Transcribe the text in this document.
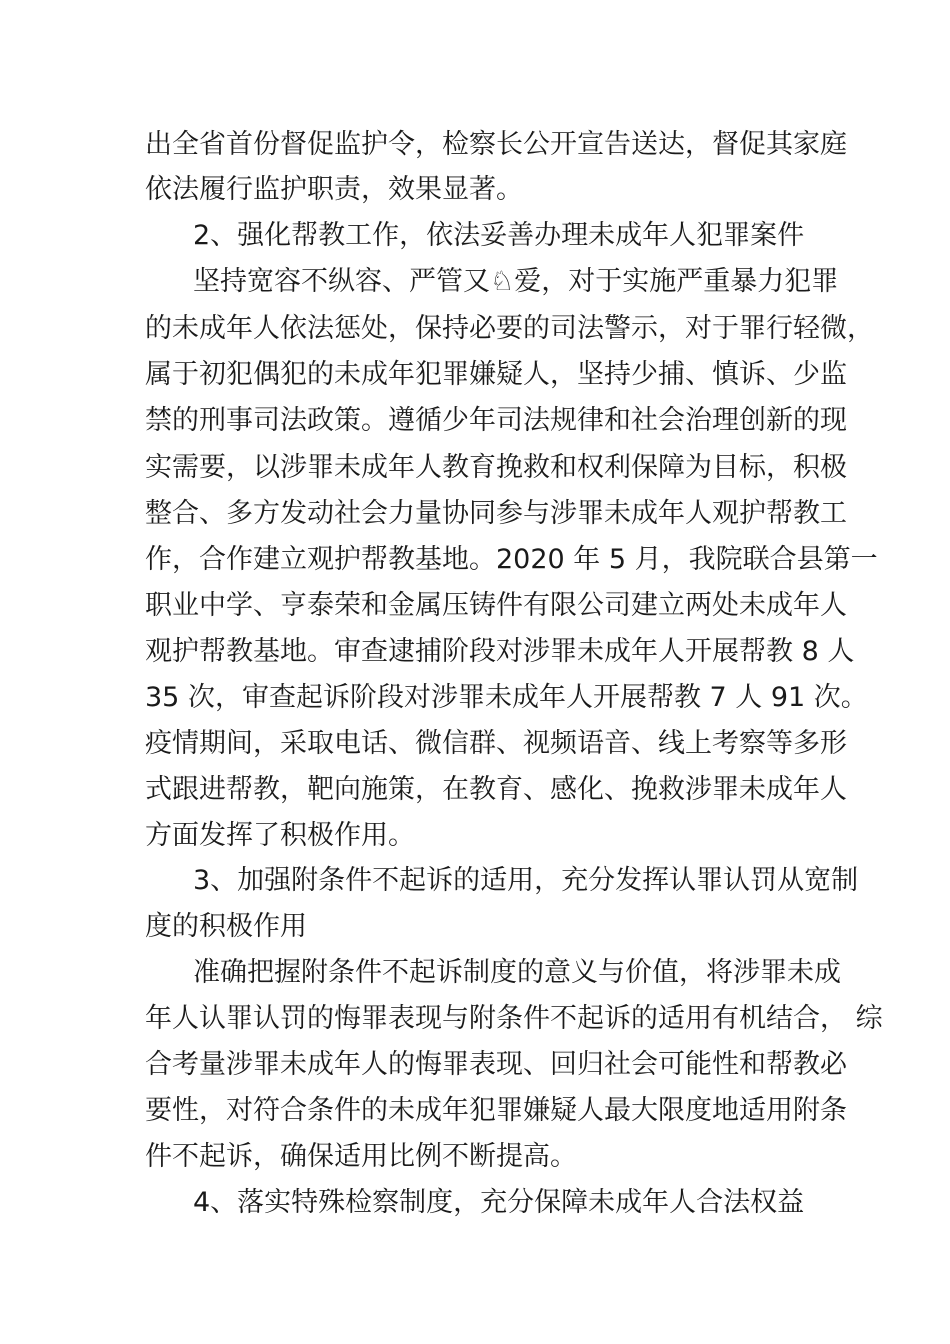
出全省首份督促监护令，检察长公开宣告送达，督促其家庭
依法履行监护职责，效果显著。
2、强化帮教工作，依法妥善办理未成年人犯罪案件
坚持宽容不纵容、严管又♘爱，对于实施严重暴力犯罪
的未成年人依法惩处，保持必要的司法警示，对于罪行轻微，
属于初犯偶犯的未成年犯罪嫌疑人，坚持少捕、慎诉、少监
禁的刑事司法政策。遵循少年司法规律和社会治理创新的现
实需要，以涉罪未成年人教育挽救和权利保障为目标，积极
整合、多方发动社会力量协同参与涉罪未成年人观护帮教工
作，合作建立观护帮教基地。2020 年 5 月，我院联合县第一
职业中学、亨泰荣和金属压铸件有限公司建立两处未成年人
观护帮教基地。审查逮捕阶段对涉罪未成年人开展帮教 8 人
35 次，审查起诉阶段对涉罪未成年人开展帮教 7 人 91 次。
疫情期间，采取电话、微信群、视频语音、线上考察等多形
式跟进帮教，靶向施策，在教育、感化、挽救涉罪未成年人
方面发挥了积极作用。
3、加强附条件不起诉的适用，充分发挥认罪认罚从宽制
度的积极作用
准确把握附条件不起诉制度的意义与价值，将涉罪未成
年人认罪认罚的悔罪表现与附条件不起诉的适用有机结合， 综
合考量涉罪未成年人的悔罪表现、回归社会可能性和帮教必
要性，对符合条件的未成年犯罪嫌疑人最大限度地适用附条
件不起诉，确保适用比例不断提高。
4、落实特殊检察制度，充分保障未成年人合法权益
